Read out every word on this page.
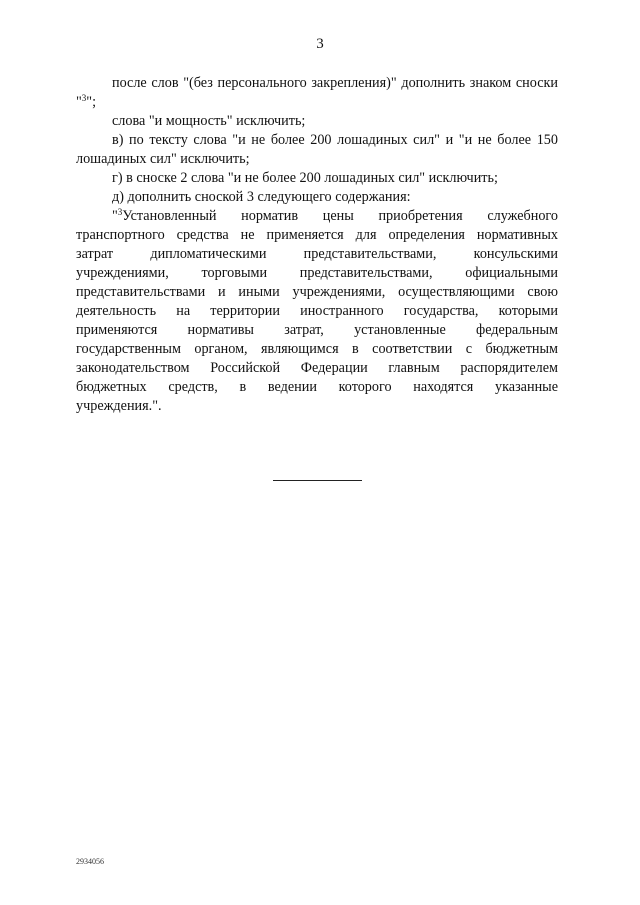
3

после слов "(без персонального закрепления)" дополнить знаком сноски "$^3$";

слова "и мощность" исключить;

в) по тексту слова "и не более 200 лошадиных сил" и "и не более 150 лошадиных сил" исключить;

г) в сноске 2 слова "и не более 200 лошадиных сил" исключить;

д) дополнить сноской 3 следующего содержания:

"$^3$Установленный норматив цены приобретения служебного
транспортного средства не применяется для определения нормативных
затрат дипломатическими представительствами, консульскими
учреждениями, торговыми представительствами, официальными
представительствами и иными учреждениями, осуществляющими свою
деятельность на территории иностранного государства, которыми
применяются нормативы затрат, установленные федеральным
государственным органом, являющимся в соответствии с бюджетным
законодательством Российской Федерации главным распорядителем
бюджетных средств, в ведении которого находятся указанные
учреждения.".
2934056
